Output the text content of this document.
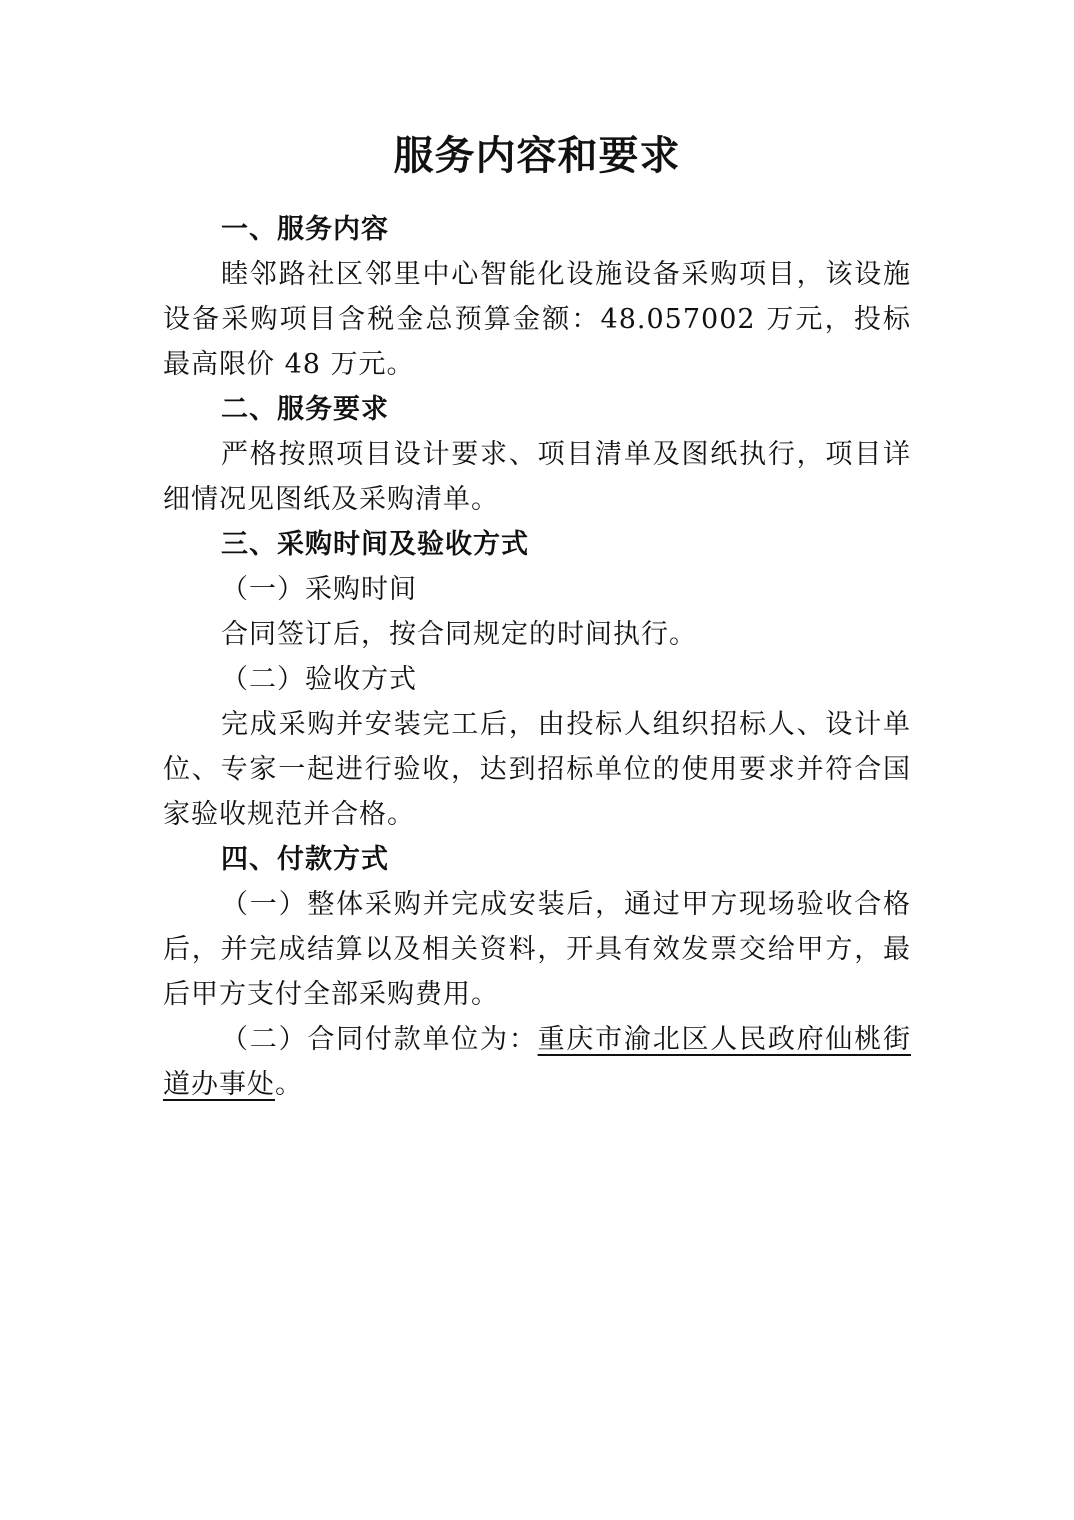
服务内容和要求

一、服务内容

睦邻路社区邻里中心智能化设施设备采购项目，该设施设备采购项目含税金总预算金额：48.057002 万元，投标最高限价 48 万元。

二、服务要求

严格按照项目设计要求、项目清单及图纸执行，项目详细情况见图纸及采购清单。

三、采购时间及验收方式

（一）采购时间

合同签订后，按合同规定的时间执行。

（二）验收方式

完成采购并安装完工后，由投标人组织招标人、设计单位、专家一起进行验收，达到招标单位的使用要求并符合国家验收规范并合格。

四、付款方式

（一）整体采购并完成安装后，通过甲方现场验收合格后，并完成结算以及相关资料，开具有效发票交给甲方，最后甲方支付全部采购费用。

（二）合同付款单位为：重庆市渝北区人民政府仙桃街道办事处。
